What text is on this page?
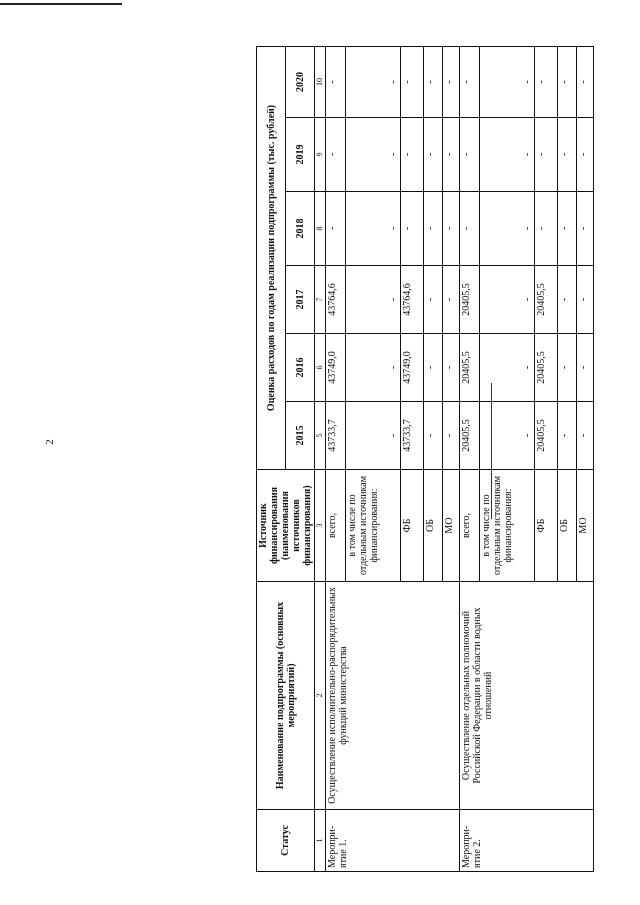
2
Статус	Наименование подпрограммы (основных мероприятий)	Источник финансирования (наименования источников финансирования)	Оценка расходов по годам реализации подпрограммы (тыс. рублей)					
			2015	2016	2017	2018	2019	2020
1	2	3	5	6	7	8	9	10
Меропри-ятие 1.	Осуществление исполнительно-распорядительных функций министерства	всего,	43733,7	43749,0	43764,6	-	-	-
		в том числе по отдельным источникам финансирования:	-	-	-	-	-	-
		ФБ	43733,7	43749,0	43764,6	-	-	-
		ОБ	-	-	-	-	-	-
		МО	-	-	-	-	-	-
Меропри-ятие 2.	Осуществление отдельных полномочий Российской Федерации в области водных отношений	всего,	20405,5	20405,5	20405,5	-	-	-
		в том числе по отдельным источникам финансирования:	-	-	-	-	-	-
		ФБ	20405,5	20405,5	20405,5	-	-	-
		ОБ	-	-	-	-	-	-
		МО	-	-	-	-	-	-
